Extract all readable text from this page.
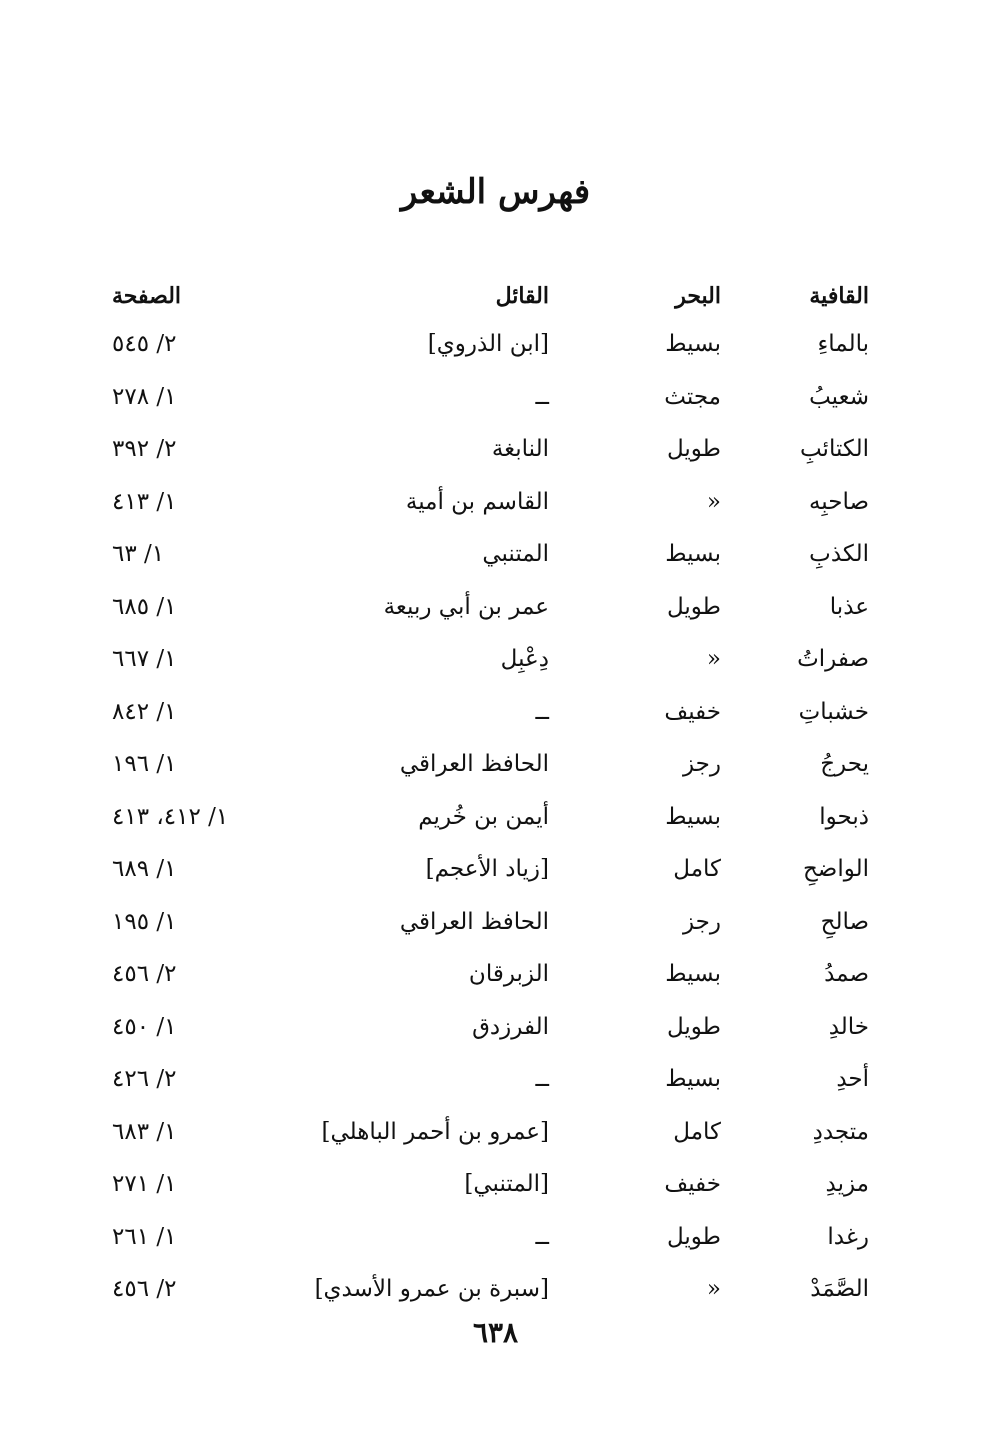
فهرس الشعر
القافية
البحر
القائل
الصفحة
بالماءِ
بسيط
[ابن الذروي]
٢/ ٥٤٥
شعيبُ
مجتث
ــ
١/ ٢٧٨
الكتائبِ
طويل
النابغة
٢/ ٣٩٢
صاحبِه
«
القاسم بن أمية
١/ ٤١٣
الكذبِ
بسيط
المتنبي
١/ ٦٣
عذبا
طويل
عمر بن أبي ربيعة
١/ ٦٨٥
صفراتُ
«
دِعْبِل
١/ ٦٦٧
خشباتِ
خفيف
ــ
١/ ٨٤٢
يحرجُ
رجز
الحافظ العراقي
١/ ١٩٦
ذبحوا
بسيط
أيمن بن خُريم
١/ ٤١٢، ٤١٣
الواضحِ
كامل
[زياد الأعجم]
١/ ٦٨٩
صالحِ
رجز
الحافظ العراقي
١/ ١٩٥
صمدُ
بسيط
الزبرقان
٢/ ٤٥٦
خالدِ
طويل
الفرزدق
١/ ٤٥٠
أحدِ
بسيط
ــ
٢/ ٤٢٦
متجددِ
كامل
[عمرو بن أحمر الباهلي]
١/ ٦٨٣
مزيدِ
خفيف
[المتنبي]
١/ ٢٧١
رغدا
طويل
ــ
١/ ٢٦١
الصَّمَدْ
«
[سبرة بن عمرو الأسدي]
٢/ ٤٥٦
٦٣٨
